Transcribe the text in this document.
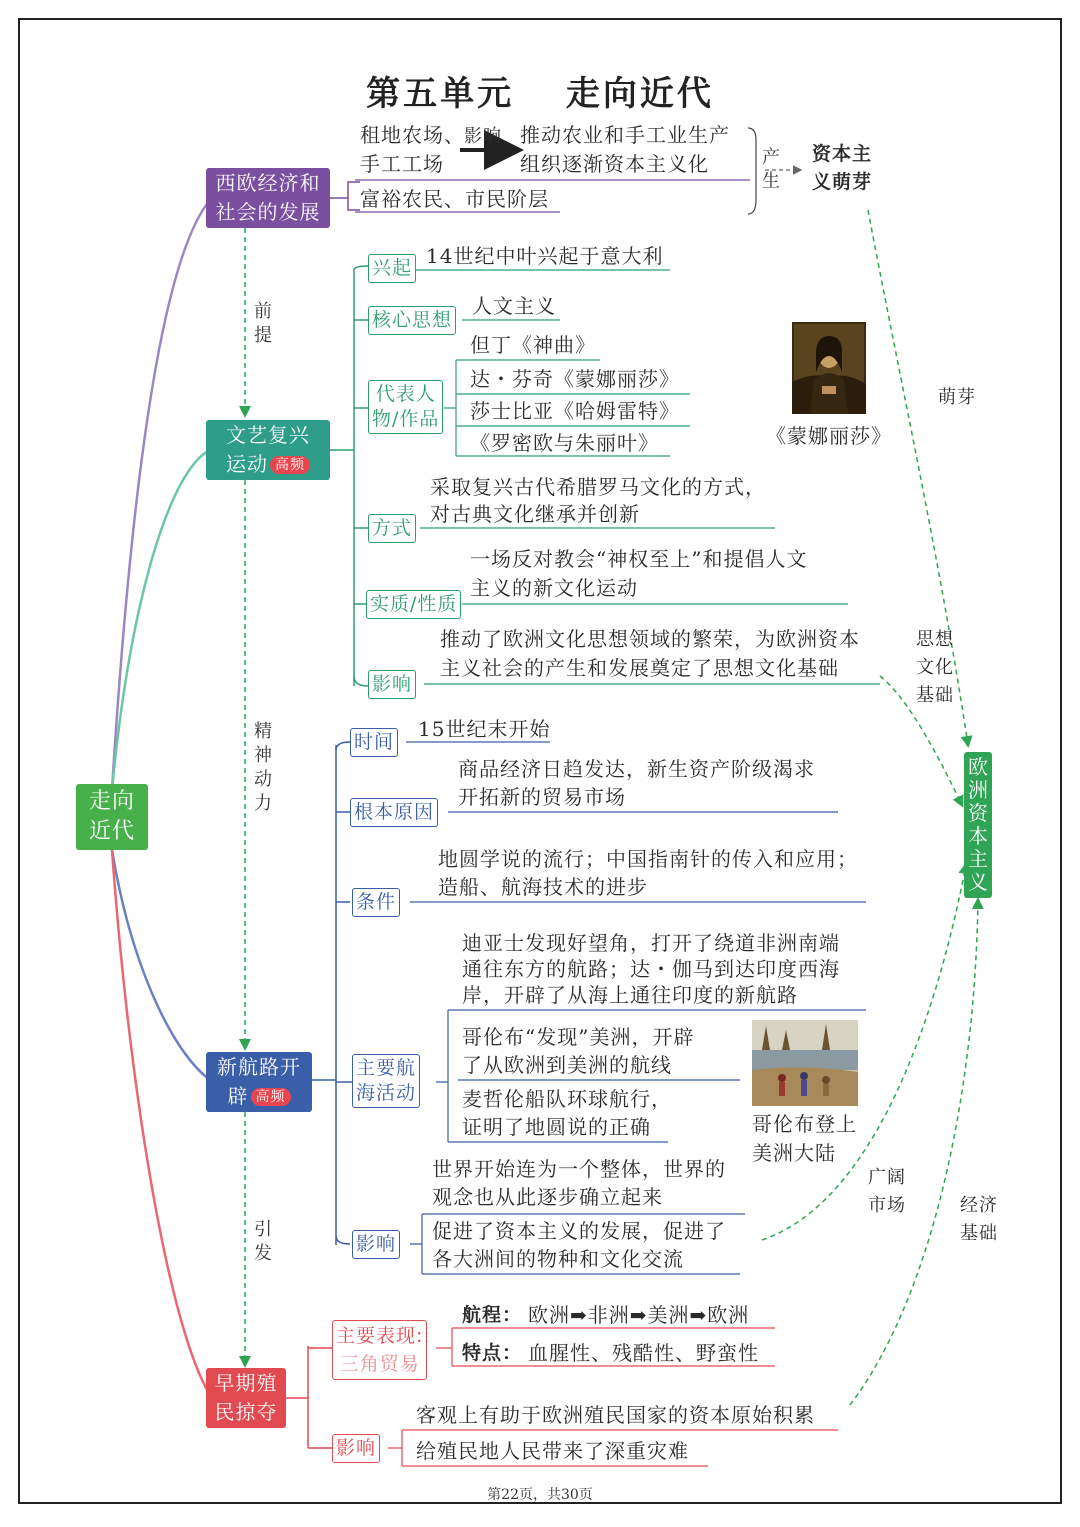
第五单元　 走向近代
走向
近代
西欧经济和
社会的发展
租地农场、
手工工场
影响 推动农业和手工业生产
组织逐渐资本主义化
富裕农民、市民阶层
产
生
资本主
义萌芽
前
提
文艺复兴
运动 高频
兴起
核心思想
代表人
物/作品
方式
实质/性质
影响
14世纪中叶兴起于意大利
人文主义
但丁《神曲》
达・芬奇《蒙娜丽莎》
莎士比亚《哈姆雷特》
《罗密欧与朱丽叶》	《蒙娜丽莎》
采取复兴古代希腊罗马文化的方式，
对古典文化继承并创新
一场反对教会“神权至上”和提倡人文
主义的新文化运动
推动了欧洲文化思想领域的繁荣，为欧洲资本
主义社会的产生和发展奠定了思想文化基础
精
神
动
力
新航路开
辟 高频
时间
根本原因
条件
主要航
海活动
影响
15世纪末开始
商品经济日趋发达，新生资产阶级渴求
开拓新的贸易市场
地圆学说的流行；中国指南针的传入和应用；
造船、航海技术的进步
迪亚士发现好望角，打开了绕道非洲南端
通往东方的航路；达・伽马到达印度西海
岸，开辟了从海上通往印度的新航路
哥伦布“发现”美洲，开辟
了从欧洲到美洲的航线
麦哲伦船队环球航行，
证明了地圆说的正确	哥伦布登上
美洲大陆
世界开始连为一个整体，世界的
观念也从此逐步确立起来
促进了资本主义的发展，促进了
各大洲间的物种和文化交流
引
发
早期殖
民掠夺
主要表现:
三角贸易
航程： 欧洲➡非洲➡美洲➡欧洲
特点： 血腥性、残酷性、野蛮性
影响
客观上有助于欧洲殖民国家的资本原始积累
给殖民地人民带来了深重灾难
欧洲资本主义
萌芽
思想
文化
基础
广阔
市场	经济
基础
第22页，共30页
